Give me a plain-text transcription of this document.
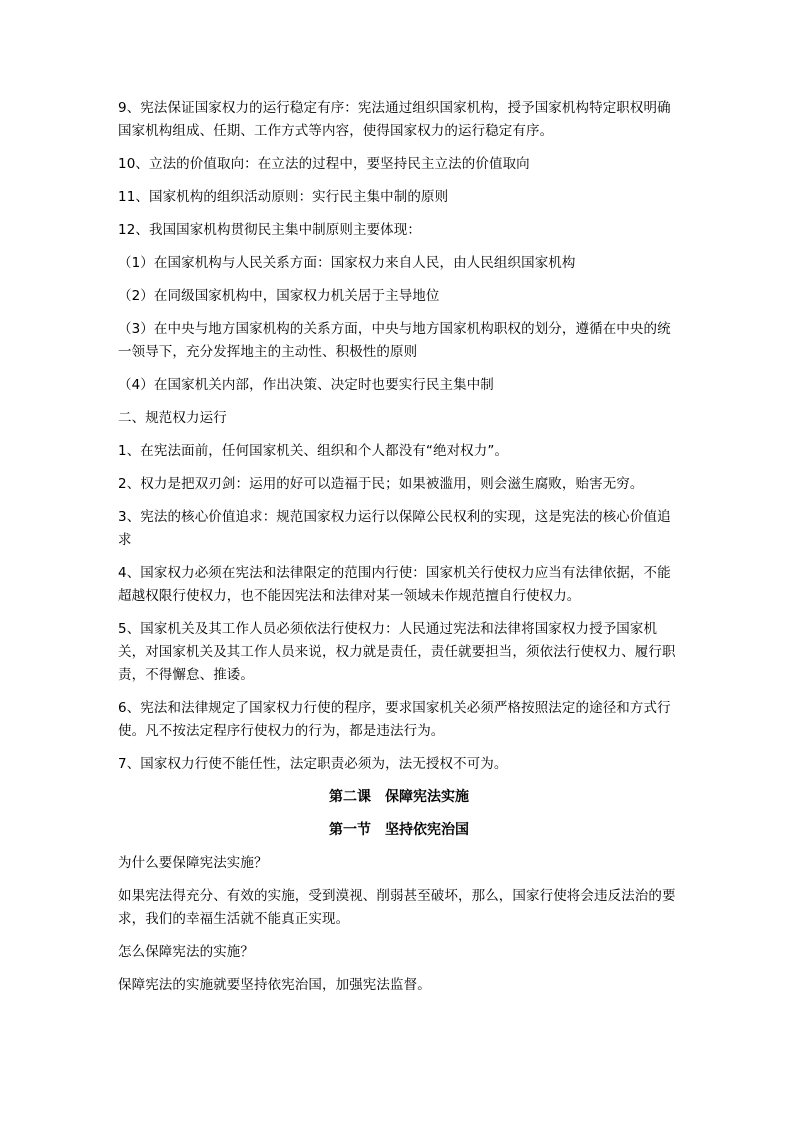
9、宪法保证国家权力的运行稳定有序：宪法通过组织国家机构，授予国家机构特定职权明确国家机构组成、任期、工作方式等内容，使得国家权力的运行稳定有序。

10、立法的价值取向：在立法的过程中，要坚持民主立法的价值取向

11、国家机构的组织活动原则：实行民主集中制的原则

12、我国国家机构贯彻民主集中制原则主要体现：

（1）在国家机构与人民关系方面：国家权力来自人民，由人民组织国家机构

（2）在同级国家机构中，国家权力机关居于主导地位

（3）在中央与地方国家机构的关系方面，中央与地方国家机构职权的划分，遵循在中央的统一领导下，充分发挥地主的主动性、积极性的原则

（4）在国家机关内部，作出决策、决定时也要实行民主集中制

二、规范权力运行

1、在宪法面前，任何国家机关、组织和个人都没有“绝对权力”。

2、权力是把双刃剑：运用的好可以造福于民；如果被滥用，则会滋生腐败，贻害无穷。

3、宪法的核心价值追求：规范国家权力运行以保障公民权利的实现，这是宪法的核心价值追求

4、国家权力必须在宪法和法律限定的范围内行使：国家机关行使权力应当有法律依据，不能超越权限行使权力，也不能因宪法和法律对某一领域未作规范擅自行使权力。

5、国家机关及其工作人员必须依法行使权力：人民通过宪法和法律将国家权力授予国家机关，对国家机关及其工作人员来说，权力就是责任，责任就要担当，须依法行使权力、履行职责，不得懈怠、推诿。

6、宪法和法律规定了国家权力行使的程序，要求国家机关必须严格按照法定的途径和方式行使。凡不按法定程序行使权力的行为，都是违法行为。

7、国家权力行使不能任性，法定职责必须为，法无授权不可为。

第二课　保障宪法实施

第一节　坚持依宪治国

为什么要保障宪法实施？

如果宪法得充分、有效的实施，受到漠视、削弱甚至破坏，那么，国家行使将会违反法治的要求，我们的幸福生活就不能真正实现。

怎么保障宪法的实施？

保障宪法的实施就要坚持依宪治国，加强宪法监督。
